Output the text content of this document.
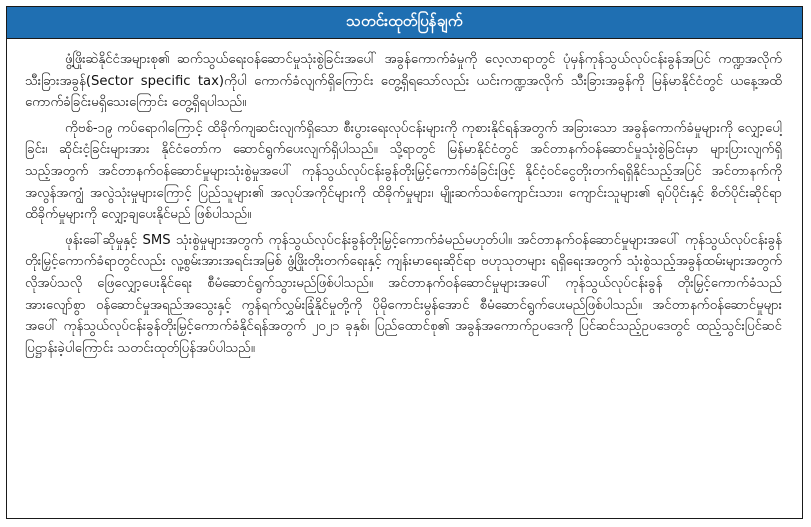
သတင်းထုတ်ပြန်ချက်

ဖွံ့ဖြိုးဆဲနိုင်ငံအများစု၏ ဆက်သွယ်ရေးဝန်ဆောင်မှုသုံးစွဲခြင်းအပေါ် အခွန်ကောက်ခံမှုကို လေ့လာရာတွင် ပုံမှန်ကုန်သွယ်လုပ်ငန်းခွန်အပြင် ကဏ္ဍအလိုက် သီးခြားအခွန်(Sector specific tax)ကိုပါ ကောက်ခံလျက်ရှိကြောင်း တွေ့ရှိရသော်လည်း ယင်းကဏ္ဍအလိုက် သီးခြားအခွန်ကို မြန်မာနိုင်ငံတွင် ယနေ့အထိကောက်ခံခြင်းမရှိသေးကြောင်း တွေ့ရှိရပါသည်။

ကိုဗစ်-၁၉ ကပ်ရောဂါကြောင့် ထိခိုက်ကျဆင်းလျက်ရှိသော စီးပွားရေးလုပ်ငန်းများကို ကုစားနိုင်ရန်အတွက် အခြားသော အခွန်ကောက်ခံမှုများကို လျှော့ပေါ့ခြင်း၊ ဆိုင်းငံ့ခြင်းများအား နိုင်ငံတော်က ဆောင်ရွက်ပေးလျက်ရှိပါသည်။ သို့ရာတွင် မြန်မာနိုင်ငံတွင် အင်တာနက်ဝန်ဆောင်မှုသုံးစွဲခြင်းမှာ များပြားလျက်ရှိသည့်အတွက် အင်တာနက်ဝန်ဆောင်မှုများသုံးစွဲမှုအပေါ် ကုန်သွယ်လုပ်ငန်းခွန်တိုးမြှင့်ကောက်ခံခြင်းဖြင့် နိုင်ငံ့ဝင်ငွေတိုးတက်ရရှိနိုင်သည့်အပြင် အင်တာနက်ကို အလွန်အကျွံ အလွဲသုံးမှုများကြောင့် ပြည်သူများ၏ အလုပ်အကိုင်များကို ထိခိုက်မှုများ၊ မျိုးဆက်သစ်ကျောင်းသား၊ ကျောင်းသူများ၏ ရုပ်ပိုင်းနှင့် စိတ်ပိုင်းဆိုင်ရာ ထိခိုက်မှုများကို လျှော့ချပေးနိုင်မည် ဖြစ်ပါသည်။

ဖုန်းခေါ်ဆိုမှုနှင့် SMS သုံးစွဲမှုများအတွက် ကုန်သွယ်လုပ်ငန်းခွန်တိုးမြှင့်ကောက်ခံမည်မဟုတ်ပါ။ အင်တာနက်ဝန်ဆောင်မှုများအပေါ် ကုန်သွယ်လုပ်ငန်းခွန် တိုးမြှင့်ကောက်ခံရာတွင်လည်း လူ့စွမ်းအားအရင်းအမြစ် ဖွံ့ဖြိုးတိုးတက်ရေးနှင့် ကျန်းမာရေးဆိုင်ရာ ဗဟုသုတများ ရရှိရေးအတွက် သုံးစွဲသည့်အခွန်ထမ်းများအတွက် လိုအပ်သလို ဖြေလျှော့ပေးနိုင်ရေး စီမံဆောင်ရွက်သွားမည်ဖြစ်ပါသည်။ အင်တာနက်ဝန်ဆောင်မှုများအပေါ် ကုန်သွယ်လုပ်ငန်းခွန် တိုးမြှင့်ကောက်ခံသည်အားလျော်စွာ ဝန်ဆောင်မှုအရည်အသွေးနှင့် ကွန်ရက်လွှမ်းခြုံနိုင်မှုတို့ကို ပိုမိုကောင်းမွန်အောင် စီမံဆောင်ရွက်ပေးမည်ဖြစ်ပါသည်။ အင်တာနက်ဝန်ဆောင်မှုများအပေါ် ကုန်သွယ်လုပ်ငန်းခွန်တိုးမြှင့်ကောက်ခံနိုင်ရန်အတွက် ၂၀၂၁ ခုနှစ်၊ ပြည်ထောင်စု၏ အခွန်အကောက်ဥပဒေကို ပြင်ဆင်သည့်ဥပဒေတွင် ထည့်သွင်းပြင်ဆင်ပြဋ္ဌာန်းခဲ့ပါကြောင်း သတင်းထုတ်ပြန်အပ်ပါသည်။
